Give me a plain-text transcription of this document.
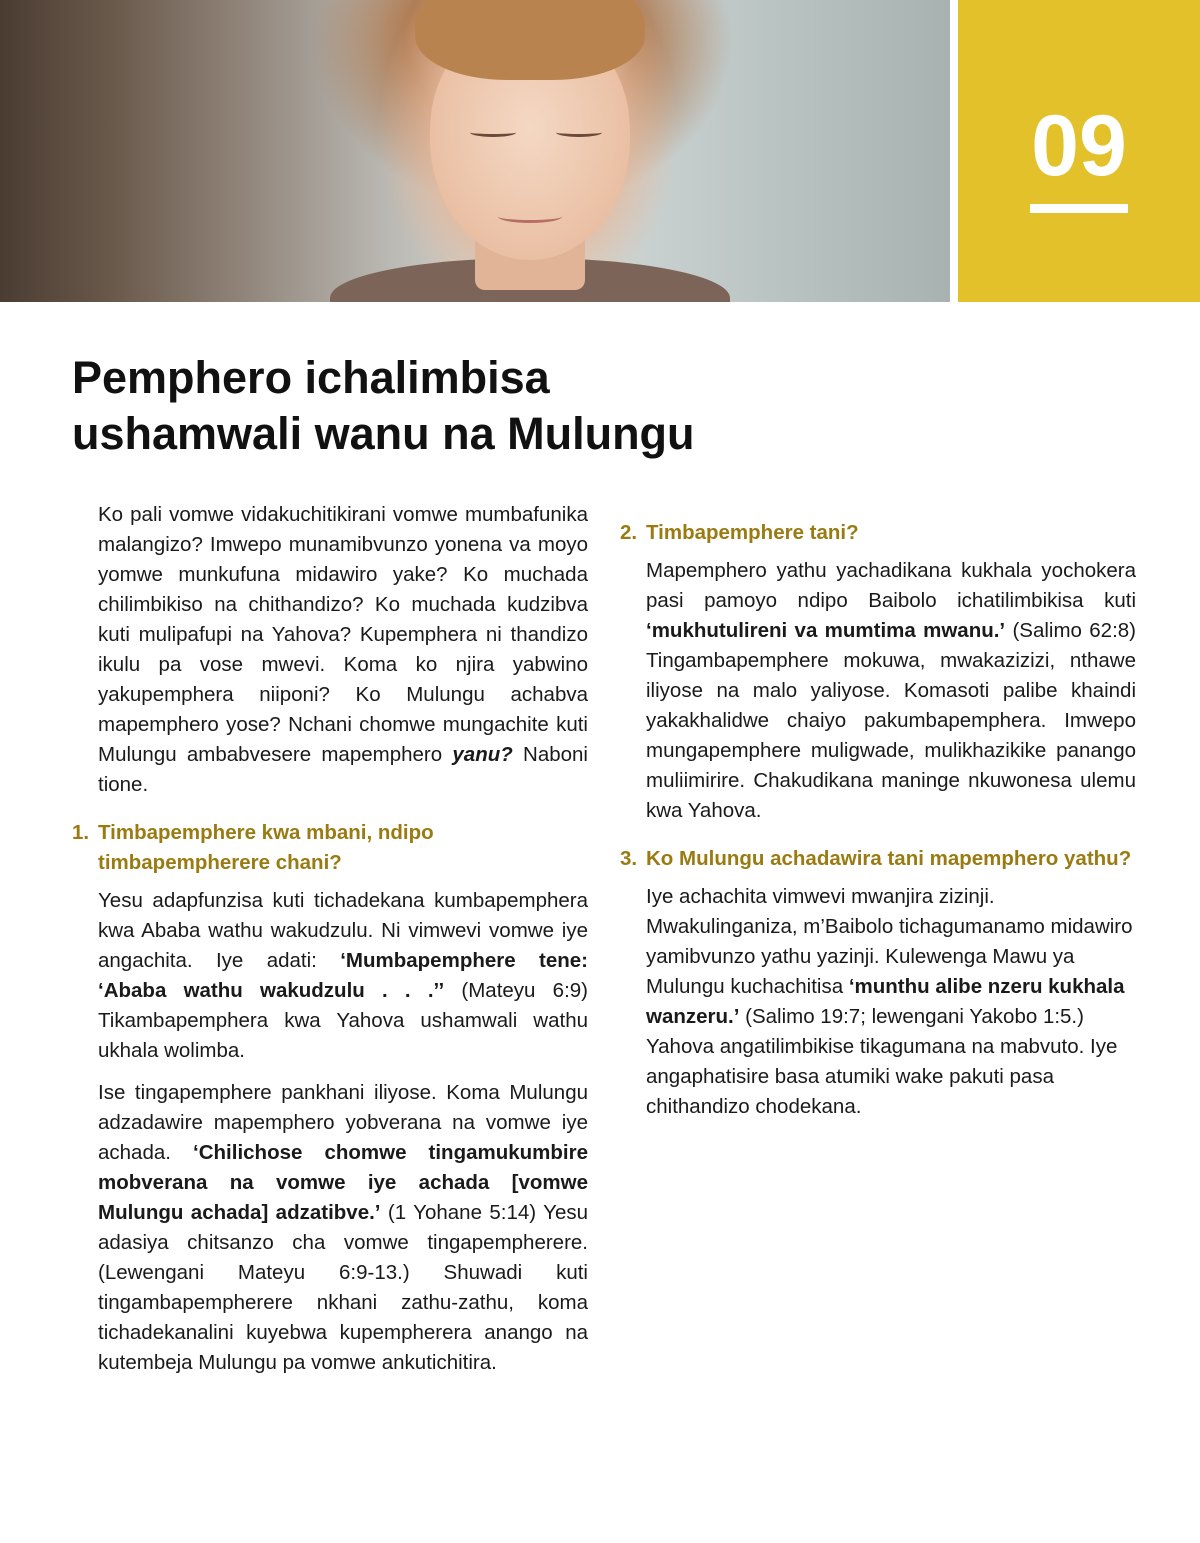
09
Pemphero ichalimbisa
ushamwali wanu na Mulungu

Ko pali vomwe vidakuchitikirani vomwe mumbafunika malangizo? Imwepo munamibvunzo yonena va moyo yomwe munkufuna midawiro yake? Ko muchada chilimbikiso na chithandizo? Ko muchada kudzibva kuti mulipafupi na Yahova? Kupemphera ni thandizo ikulu pa vose mwevi. Koma ko njira yabwino yakupemphera niiponi? Ko Mulungu achabva mapemphero yose? Nchani chomwe mungachite kuti Mulungu ambabvesere mapemphero yanu? Naboni tione.

1. Timbapemphere kwa mbani, ndipo timbapempherere chani?

Yesu adapfunzisa kuti tichadekana kumbapemphera kwa Ababa wathu wakudzulu. Ni vimwevi vomwe iye angachita. Iye adati: ‘Mumbapemphere tene: ‘Ababa wathu wakudzulu . . .’’ (Mateyu 6:9) Tikambapemphera kwa Yahova ushamwali wathu ukhala wolimba.

Ise tingapemphere pankhani iliyose. Koma Mulungu adzadawire mapemphero yobverana na vomwe iye achada. ‘Chilichose chomwe tingamukumbire mobverana na vomwe iye achada [vomwe Mulungu achada] adzatibve.’ (1 Yohane 5:14) Yesu adasiya chitsanzo cha vomwe tingapempherere. (Lewengani Mateyu 6:9-13.) Shuwadi kuti tingambapempherere nkhani zathu-zathu, koma tichadekanalini kuyebwa kupempherera anango na kutembeja Mulungu pa vomwe ankutichitira.

2. Timbapemphere tani?

Mapemphero yathu yachadikana kukhala yochokera pasi pamoyo ndipo Baibolo ichatilimbikisa kuti ‘mukhutulireni va mumtima mwanu.’ (Salimo 62:8) Tingambapemphere mokuwa, mwakazizizi, nthawe iliyose na malo yaliyose. Komasoti palibe khaindi yakakhalidwe chaiyo pakumbapemphera. Imwepo mungapemphere muligwade, mulikhazikike panango muliimirire. Chakudikana maninge nkuwonesa ulemu kwa Yahova.

3. Ko Mulungu achadawira tani mapemphero yathu?

Iye achachita vimwevi mwanjira zizinji. Mwakulinganiza, m’Baibolo tichagumanamo midawiro yamibvunzo yathu yazinji. Kulewenga Mawu ya Mulungu kuchachitisa ‘munthu alibe nzeru kukhala wanzeru.’ (Salimo 19:7; lewengani Yakobo 1:5.) Yahova angatilimbikise tikagumana na mabvuto. Iye angaphatisire basa atumiki wake pakuti pasa chithandizo chodekana.
